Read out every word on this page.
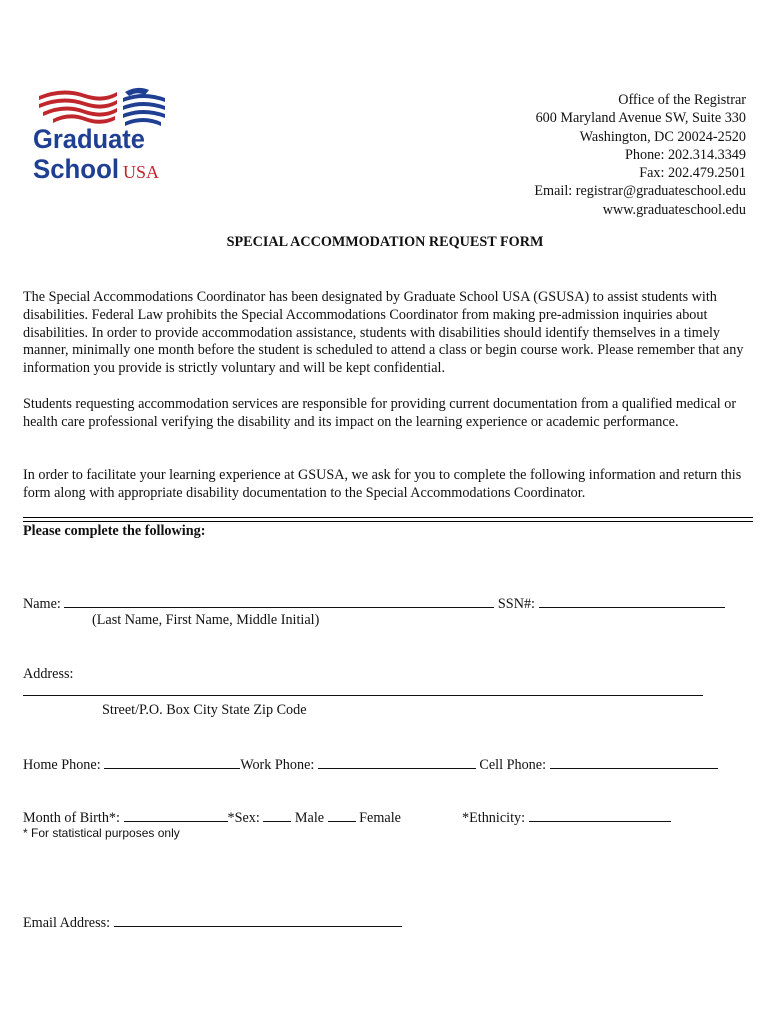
Graduate
School USA
Office of the Registrar
600 Maryland Avenue SW, Suite 330
Washington, DC 20024-2520
Phone: 202.314.3349
Fax: 202.479.2501
Email: registrar@graduateschool.edu
www.graduateschool.edu
SPECIAL ACCOMMODATION REQUEST FORM
The Special Accommodations Coordinator has been designated by Graduate School USA (GSUSA) to assist students with disabilities. Federal Law prohibits the Special Accommodations Coordinator from making pre-admission inquiries about disabilities. In order to provide accommodation assistance, students with disabilities should identify themselves in a timely manner, minimally one month before the student is scheduled to attend a class or begin course work. Please remember that any information you provide is strictly voluntary and will be kept confidential.
Students requesting accommodation services are responsible for providing current documentation from a qualified medical or health care professional verifying the disability and its impact on the learning experience or academic performance.
In order to facilitate your learning experience at GSUSA, we ask for you to complete the following information and return this form along with appropriate disability documentation to the Special Accommodations Coordinator.
Please complete the following:
Name:	SSN#:
(Last Name, First Name, Middle Initial)
Address:
Street/P.O. Box City State Zip Code
Home Phone:	Work Phone:	Cell Phone:
Month of Birth*:	*Sex: Male Female	*Ethnicity:
* For statistical purposes only
Email Address:
